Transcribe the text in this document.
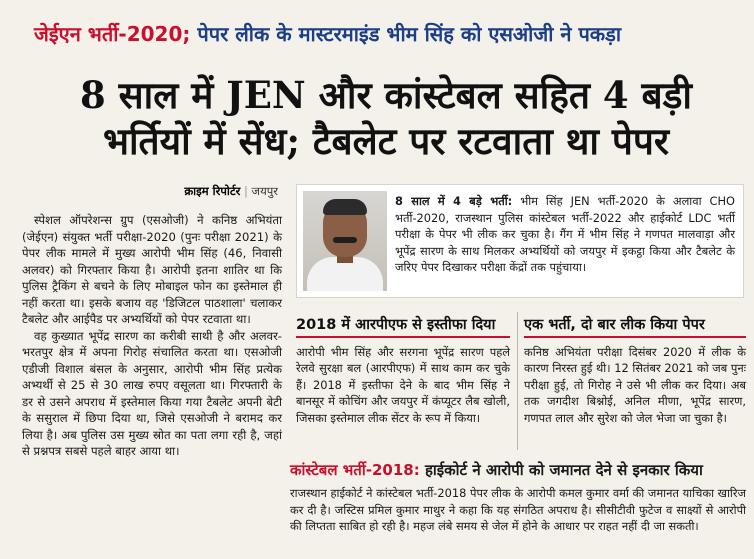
जेईएन भर्ती-2020; पेपर लीक के मास्टरमाइंड भीम सिंह को एसओजी ने पकड़ा
8 साल में JEN और कांस्टेबल सहित 4 बड़ी
भर्तियों में सेंध; टैबलेट पर रटवाता था पेपर
क्राइम रिपोर्टर | जयपुर

स्पेशल ऑपरेशन्स ग्रुप (एसओजी) ने कनिष्ठ अभियंता (जेईएन) संयुक्त भर्ती परीक्षा-2020 (पुनः परीक्षा 2021) के पेपर लीक मामले में मुख्य आरोपी भीम सिंह (46, निवासी अलवर) को गिरफ्तार किया है। आरोपी इतना शातिर था कि पुलिस ट्रैकिंग से बचने के लिए मोबाइल फोन का इस्तेमाल ही नहीं करता था। इसके बजाय वह 'डिजिटल पाठशाला' चलाकर टैबलेट और आईपैड पर अभ्यर्थियों को पेपर रटवाता था।

वह कुख्यात भूपेंद्र सारण का करीबी साथी है और अलवर-भरतपुर क्षेत्र में अपना गिरोह संचालित करता था। एसओजी एडीजी विशाल बंसल के अनुसार, आरोपी भीम सिंह प्रत्येक अभ्यर्थी से 25 से 30 लाख रुपए वसूलता था। गिरफ्तारी के डर से उसने अपराध में इस्तेमाल किया गया टैबलेट अपनी बेटी के ससुराल में छिपा दिया था, जिसे एसओजी ने बरामद कर लिया है। अब पुलिस उस मुख्य स्रोत का पता लगा रही है, जहां से प्रश्नपत्र सबसे पहले बाहर आया था।

8 साल में 4 बड़े भर्ती: भीम सिंह JEN भर्ती-2020 के अलावा CHO भर्ती-2020, राजस्थान पुलिस कांस्टेबल भर्ती-2022 और हाईकोर्ट LDC भर्ती परीक्षा के पेपर भी लीक कर चुका है। गैंग में भीम सिंह ने गणपत मालवाड़ा और भूपेंद्र सारण के साथ मिलकर अभ्यर्थियों को जयपुर में इकट्ठा किया और टैबलेट के जरिए पेपर दिखाकर परीक्षा केंद्रों तक पहुंचाया।
2018 में आरपीएफ से इस्तीफा दिया
आरोपी भीम सिंह और सरगना भूपेंद्र सारण पहले रेलवे सुरक्षा बल (आरपीएफ) में साथ काम कर चुके हैं। 2018 में इस्तीफा देने के बाद भीम सिंह ने बानसूर में कोचिंग और जयपुर में कंप्यूटर लैब खोली, जिसका इस्तेमाल लीक सेंटर के रूप में किया।
एक भर्ती, दो बार लीक किया पेपर
कनिष्ठ अभियंता परीक्षा दिसंबर 2020 में लीक के कारण निरस्त हुई थी। 12 सितंबर 2021 को जब पुनः परीक्षा हुई, तो गिरोह ने उसे भी लीक कर दिया। अब तक जगदीश बिश्नोई, अनिल मीणा, भूपेंद्र सारण, गणपत लाल और सुरेश को जेल भेजा जा चुका है।
कांस्टेबल भर्ती-2018: हाईकोर्ट ने आरोपी को जमानत देने से इनकार किया
राजस्थान हाईकोर्ट ने कांस्टेबल भर्ती-2018 पेपर लीक के आरोपी कमल कुमार वर्मा की जमानत याचिका खारिज कर दी है। जस्टिस प्रमिल कुमार माथुर ने कहा कि यह संगठित अपराध है। सीसीटीवी फुटेज व साक्ष्यों से आरोपी की लिप्तता साबित हो रही है। महज लंबे समय से जेल में होने के आधार पर राहत नहीं दी जा सकती।
